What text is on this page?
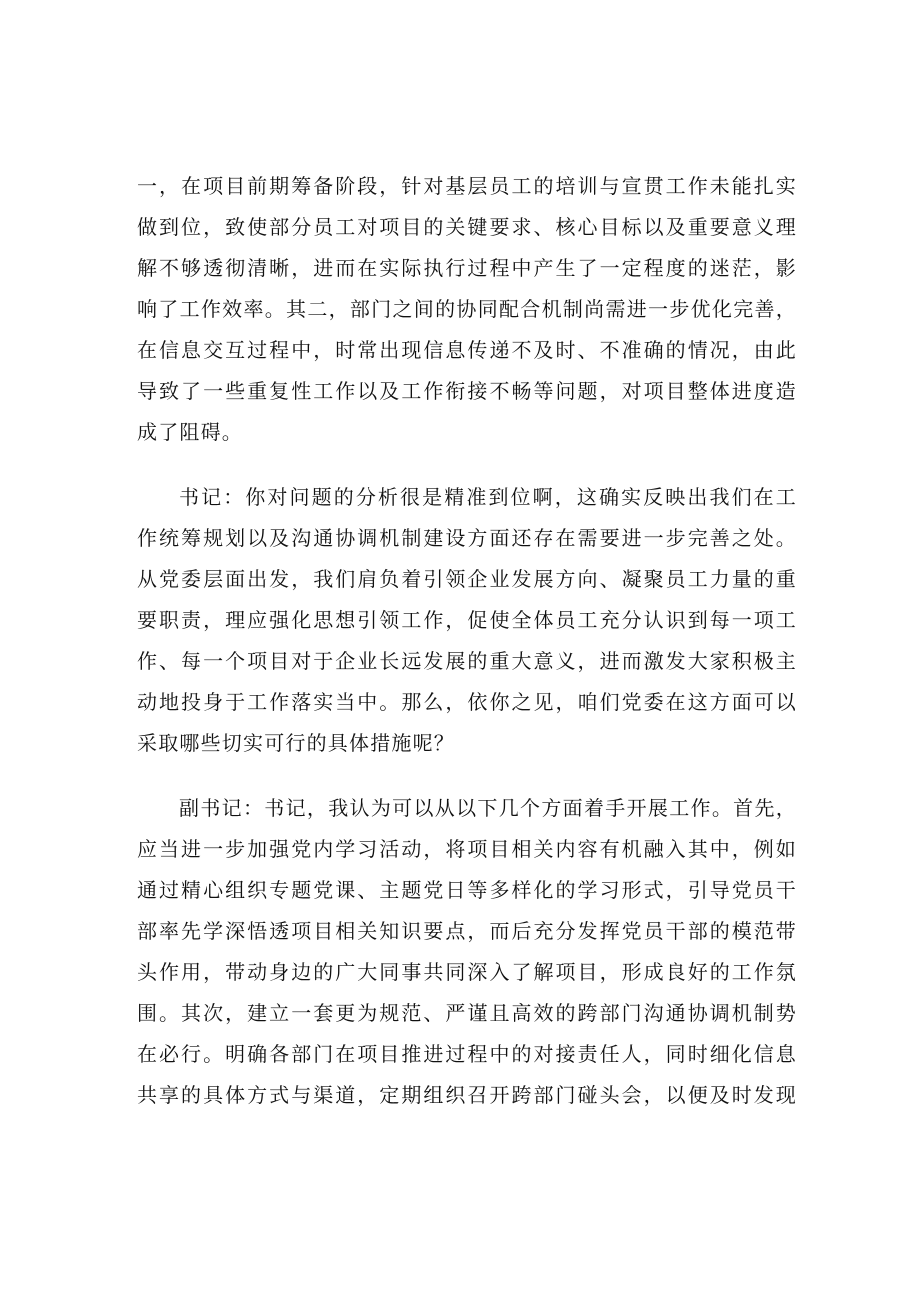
一，在项目前期筹备阶段，针对基层员工的培训与宣贯工作未能扎实
做到位，致使部分员工对项目的关键要求、核心目标以及重要意义理
解不够透彻清晰，进而在实际执行过程中产生了一定程度的迷茫，影
响了工作效率。其二，部门之间的协同配合机制尚需进一步优化完善，
在信息交互过程中，时常出现信息传递不及时、不准确的情况，由此
导致了一些重复性工作以及工作衔接不畅等问题，对项目整体进度造
成了阻碍。
书记：你对问题的分析很是精准到位啊，这确实反映出我们在工
作统筹规划以及沟通协调机制建设方面还存在需要进一步完善之处。
从党委层面出发，我们肩负着引领企业发展方向、凝聚员工力量的重
要职责，理应强化思想引领工作，促使全体员工充分认识到每一项工
作、每一个项目对于企业长远发展的重大意义，进而激发大家积极主
动地投身于工作落实当中。那么，依你之见，咱们党委在这方面可以
采取哪些切实可行的具体措施呢？
副书记：书记，我认为可以从以下几个方面着手开展工作。首先，
应当进一步加强党内学习活动，将项目相关内容有机融入其中，例如
通过精心组织专题党课、主题党日等多样化的学习形式，引导党员干
部率先学深悟透项目相关知识要点，而后充分发挥党员干部的模范带
头作用，带动身边的广大同事共同深入了解项目，形成良好的工作氛
围。其次，建立一套更为规范、严谨且高效的跨部门沟通协调机制势
在必行。明确各部门在项目推进过程中的对接责任人，同时细化信息
共享的具体方式与渠道，定期组织召开跨部门碰头会，以便及时发现
